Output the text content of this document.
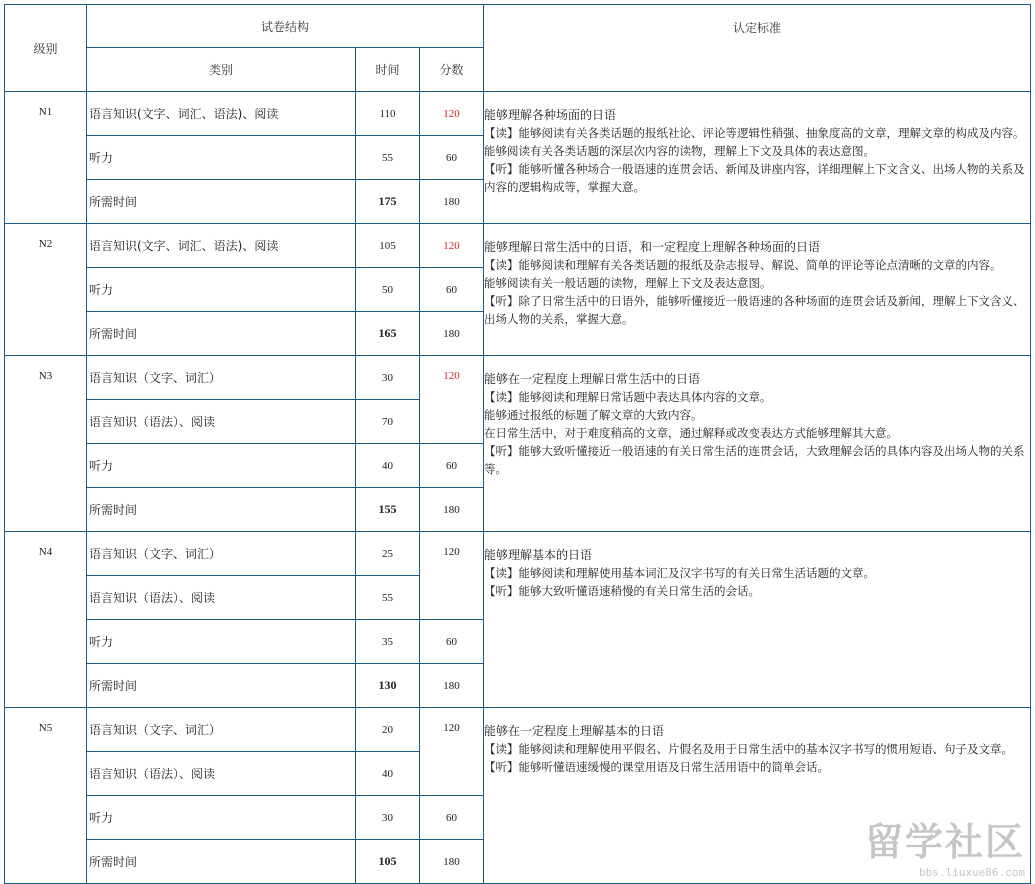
级别	试卷结构			认定标准
	类别	时间	分数	
N1	语言知识(文字、词汇、语法)、阅读	110	120	能够理解各种场面的日语
【读】能够阅读有关各类话题的报纸社论、评论等逻辑性稍强、抽象度高的文章，理解文章的构成及内容。
能够阅读有关各类话题的深层次内容的读物，理解上下文及具体的表达意图。
【听】能够听懂各种场合一般语速的连贯会话、新闻及讲座内容，详细理解上下文含义、出场人物的关系及内容的逻辑构成等，掌握大意。

	听力	55	60	
	所需时间	175	180	
N2	语言知识(文字、词汇、语法)、阅读	105	120	能够理解日常生活中的日语，和一定程度上理解各种场面的日语
【读】能够阅读和理解有关各类话题的报纸及杂志报导、解说、简单的评论等论点清晰的文章的内容。
能够阅读有关一般话题的读物，理解上下文及表达意图。
【听】除了日常生活中的日语外，能够听懂接近一般语速的各种场面的连贯会话及新闻，理解上下文含义、出场人物的关系，掌握大意。

	听力	50	60	
	所需时间	165	180	
N3	语言知识（文字、词汇）	30	120	能够在一定程度上理解日常生活中的日语
【读】能够阅读和理解日常话题中表达具体内容的文章。
能够通过报纸的标题了解文章的大致内容。
在日常生活中，对于难度稍高的文章，通过解释或改变表达方式能够理解其大意。
【听】能够大致听懂接近一般语速的有关日常生活的连贯会话，大致理解会话的具体内容及出场人物的关系等。

	语言知识（语法）、阅读	70		
	听力	40	60	
	所需时间	155	180	
N4	语言知识（文字、词汇）	25	120	能够理解基本的日语
【读】能够阅读和理解使用基本词汇及汉字书写的有关日常生活话题的文章。
【听】能够大致听懂语速稍慢的有关日常生活的会话。

	语言知识（语法）、阅读	55		
	听力	35	60	
	所需时间	130	180	
N5	语言知识（文字、词汇）	20	120	能够在一定程度上理解基本的日语
【读】能够阅读和理解使用平假名、片假名及用于日常生活中的基本汉字书写的惯用短语、句子及文章。
【听】能够听懂语速缓慢的课堂用语及日常生活用语中的简单会话。

	语言知识（语法）、阅读	40		
	听力	30	60	
	所需时间	105	180		留学社区
bbs.liuxue86.com
